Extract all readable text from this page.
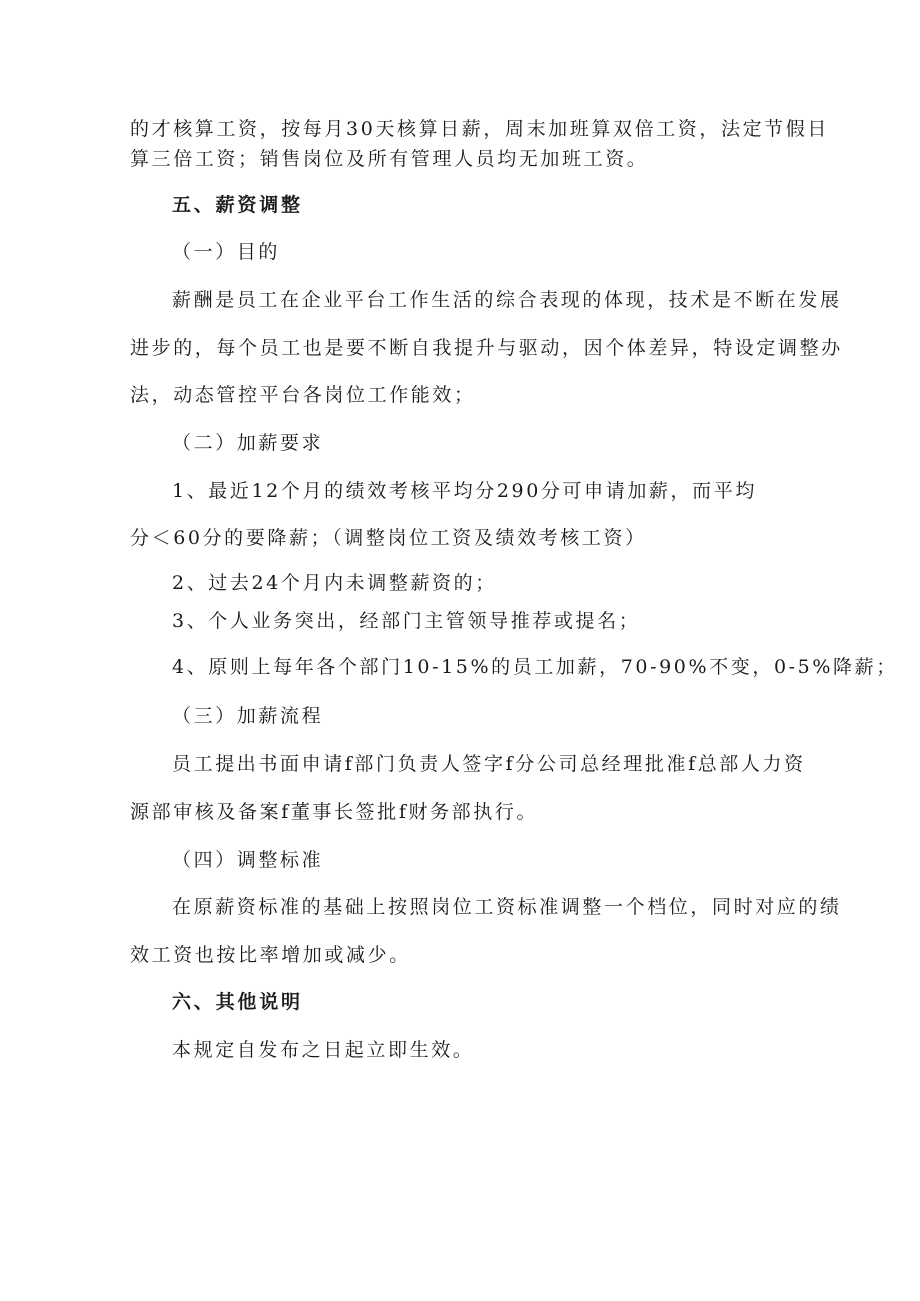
的才核算工资，按每月30天核算日薪，周末加班算双倍工资，法定节假日
算三倍工资；销售岗位及所有管理人员均无加班工资。
五、薪资调整
（一）目的
薪酬是员工在企业平台工作生活的综合表现的体现，技术是不断在发展
进步的，每个员工也是要不断自我提升与驱动，因个体差异，特设定调整办
法，动态管控平台各岗位工作能效；
（二）加薪要求
1、最近12个月的绩效考核平均分290分可申请加薪，而平均
分＜60分的要降薪；（调整岗位工资及绩效考核工资）
2、过去24个月内未调整薪资的；
3、个人业务突出，经部门主管领导推荐或提名；
4、原则上每年各个部门10-15%的员工加薪，70-90%不变，0-5%降薪；
（三）加薪流程
员工提出书面申请f部门负责人签字f分公司总经理批准f总部人力资
源部审核及备案f董事长签批f财务部执行。
（四）调整标准
在原薪资标准的基础上按照岗位工资标准调整一个档位，同时对应的绩
效工资也按比率增加或减少。
六、其他说明
本规定自发布之日起立即生效。
